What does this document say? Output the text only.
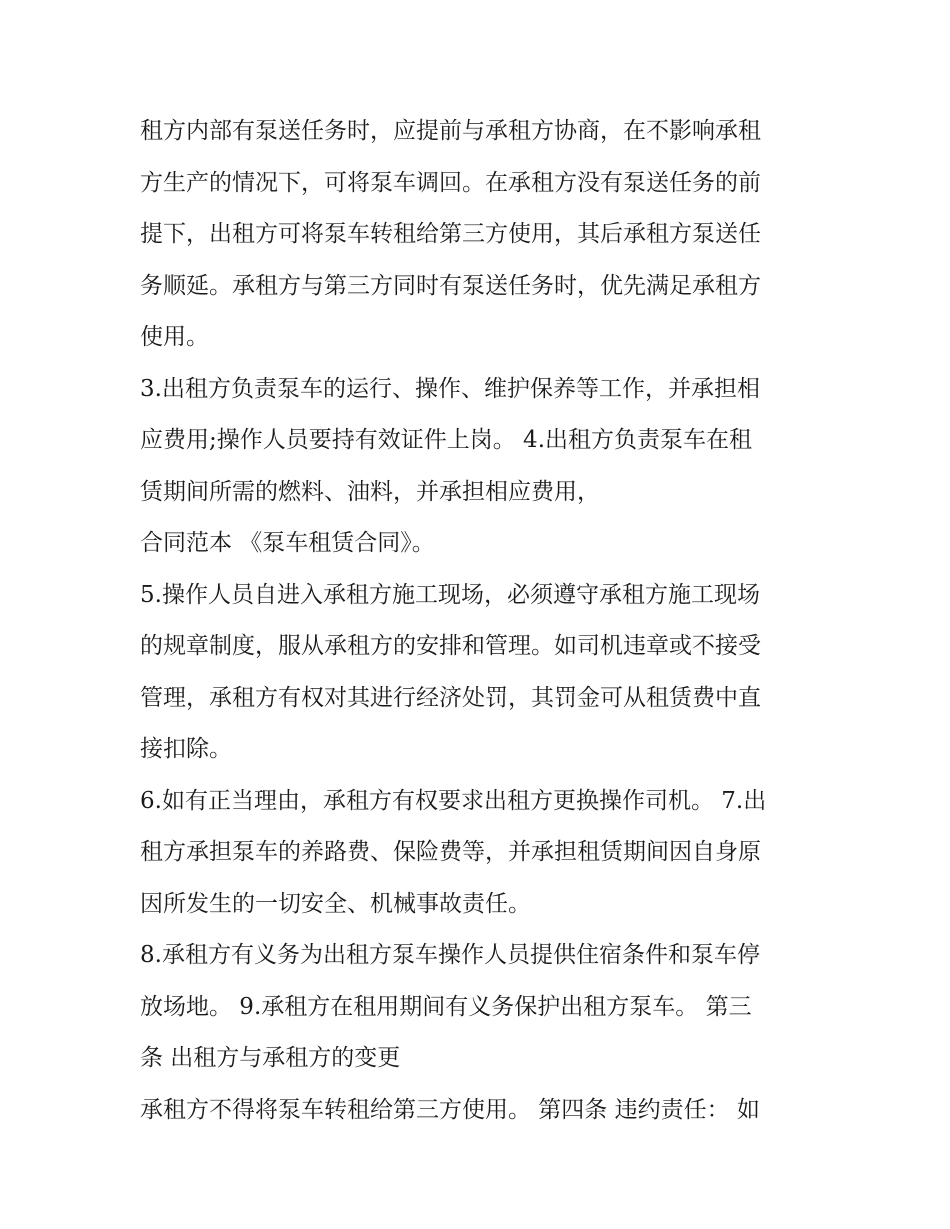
租方内部有泵送任务时，应提前与承租方协商，在不影响承租
方生产的情况下，可将泵车调回。在承租方没有泵送任务的前
提下，出租方可将泵车转租给第三方使用，其后承租方泵送任
务顺延。承租方与第三方同时有泵送任务时，优先满足承租方
使用。
3.出租方负责泵车的运行、操作、维护保养等工作，并承担相
应费用;操作人员要持有效证件上岗。 4.出租方负责泵车在租
赁期间所需的燃料、油料，并承担相应费用，
合同范本 《泵车租赁合同》。
5.操作人员自进入承租方施工现场，必须遵守承租方施工现场
的规章制度，服从承租方的安排和管理。如司机违章或不接受
管理，承租方有权对其进行经济处罚，其罚金可从租赁费中直
接扣除。
6.如有正当理由，承租方有权要求出租方更换操作司机。 7.出
租方承担泵车的养路费、保险费等，并承担租赁期间因自身原
因所发生的一切安全、机械事故责任。
8.承租方有义务为出租方泵车操作人员提供住宿条件和泵车停
放场地。 9.承租方在租用期间有义务保护出租方泵车。 第三
条 出租方与承租方的变更
承租方不得将泵车转租给第三方使用。 第四条 违约责任： 如
